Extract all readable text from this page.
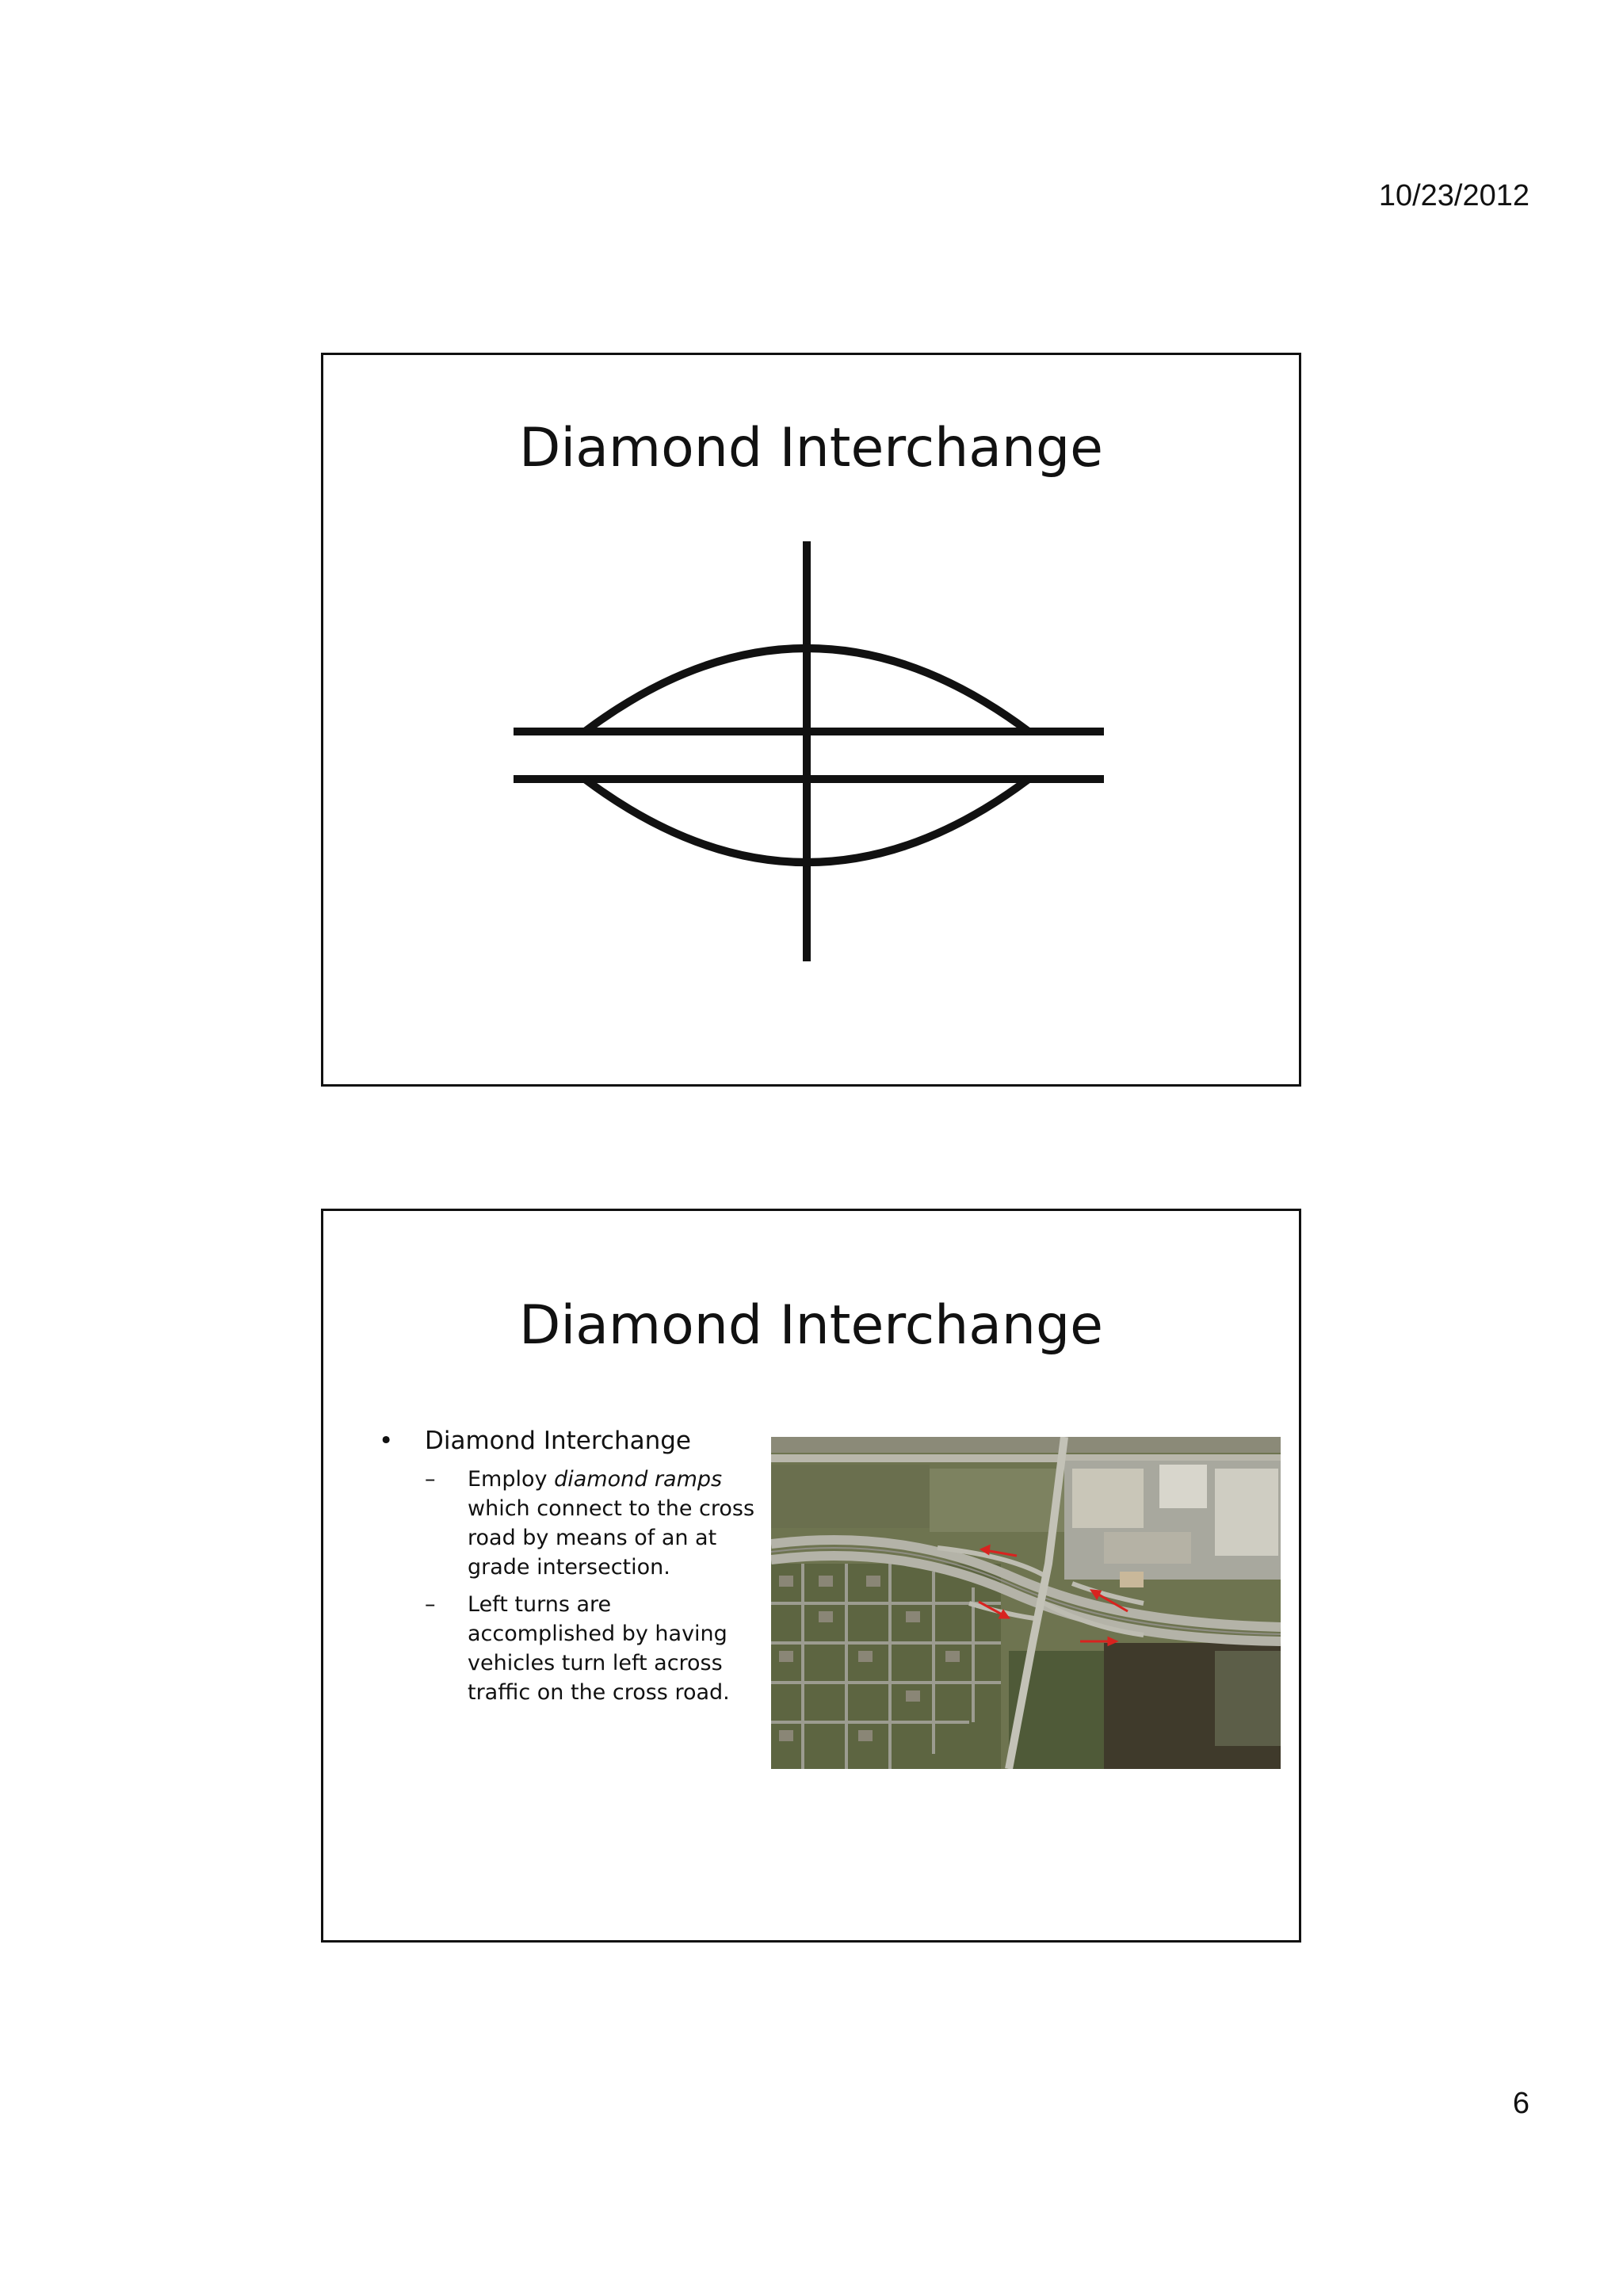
10/23/2012
Diamond Interchange
Diamond Interchange
• Diamond Interchange
– Employ diamond ramps which connect to the cross road by means of an at grade intersection.
– Left turns are accomplished by having vehicles turn left across traffic on the cross road.
6
